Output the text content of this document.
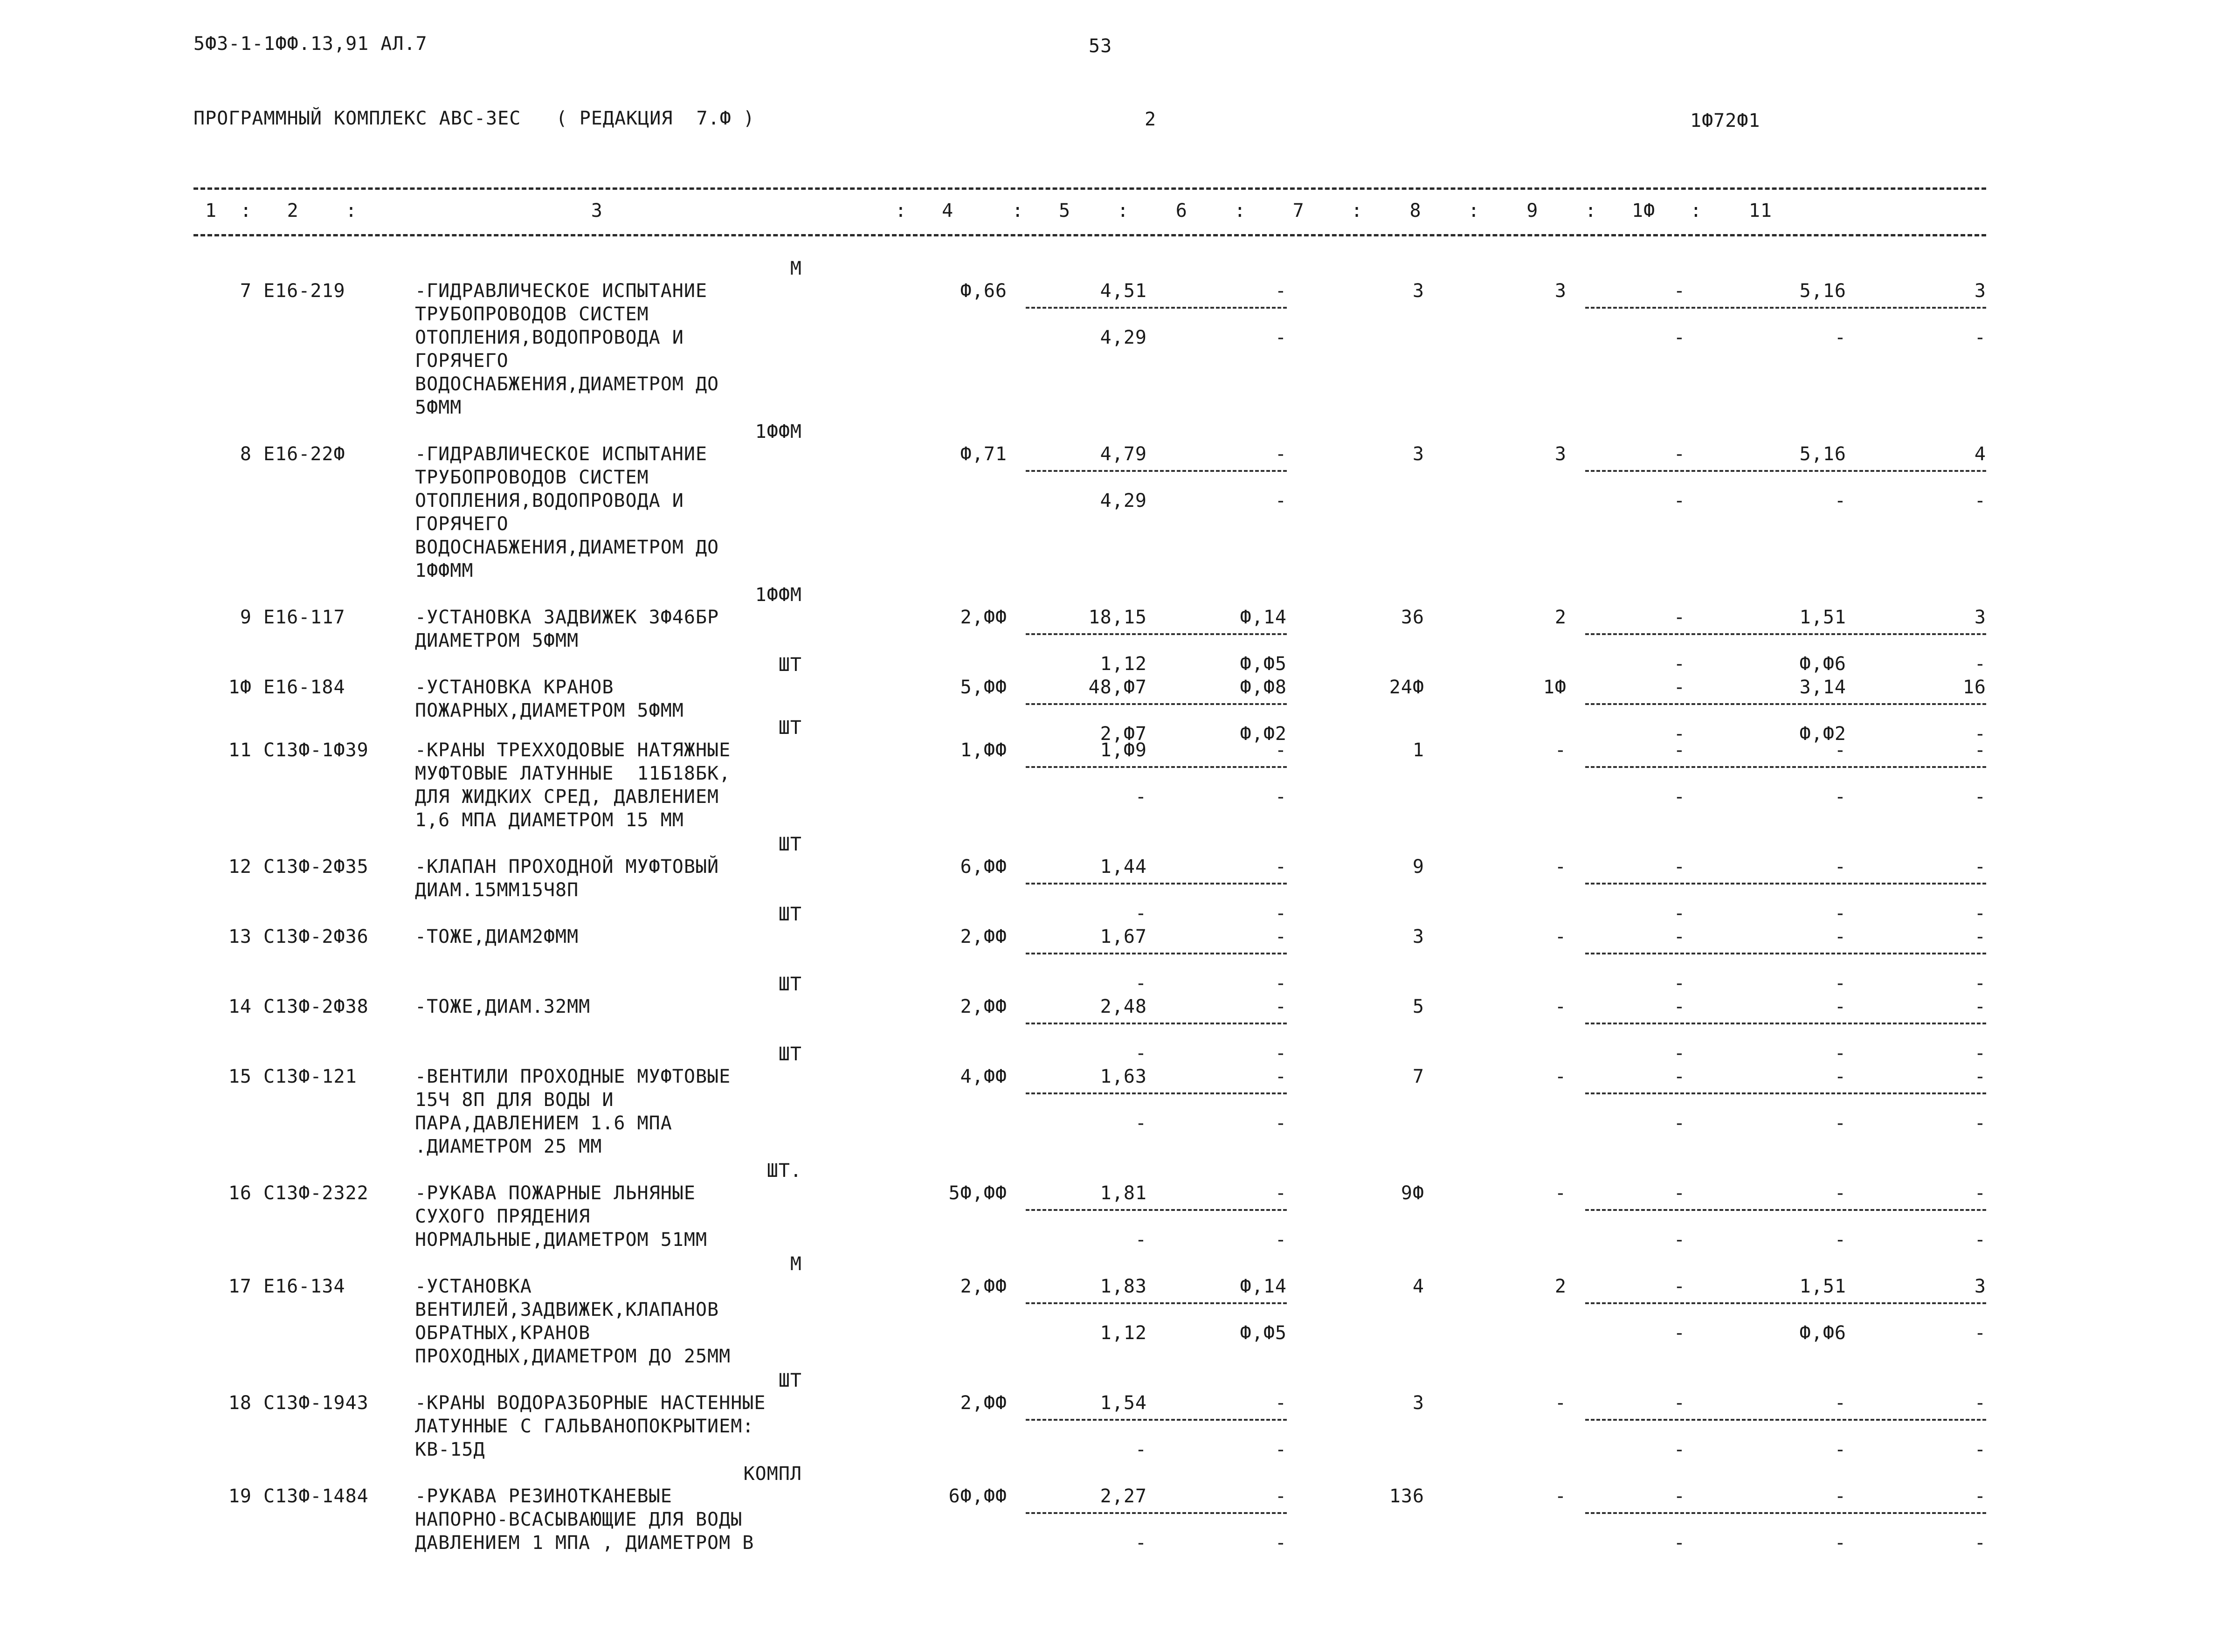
5Ф3-1-1ФФ.13,91 АЛ.7	53
ПРОГРАММНЫЙ КОМПЛЕКС АВС-3ЕС   ( РЕДАКЦИЯ  7.Ф )	2	1Ф72Ф1
1  :   2    :                    3                         :   4     :   5    :    6    :    7    :    8    :    9    :   1Ф   :    11
М
7 Е16-219	-ГИДРАВЛИЧЕСКОЕ ИСПЫТАНИЕ
ТРУБОПРОВОДОВ СИСТЕМ
ОТОПЛЕНИЯ,ВОДОПРОВОДА И
ГОРЯЧЕГО
ВОДОСНАБЖЕНИЯ,ДИАМЕТРОМ ДО
5ФММ
Ф,66	4,51	-	3	3	-	5,16	3
4,29	-	-	-	-
1ФФМ
8 Е16-22Ф	-ГИДРАВЛИЧЕСКОЕ ИСПЫТАНИЕ
ТРУБОПРОВОДОВ СИСТЕМ
ОТОПЛЕНИЯ,ВОДОПРОВОДА И
ГОРЯЧЕГО
ВОДОСНАБЖЕНИЯ,ДИАМЕТРОМ ДО
1ФФММ
Ф,71	4,79	-	3	3	-	5,16	4
4,29	-	-	-	-
1ФФМ
9 Е16-117	-УСТАНОВКА ЗАДВИЖЕК 3Ф46БР
ДИАМЕТРОМ 5ФММ
2,ФФ	18,15	Ф,14	36	2	-	1,51	3
1,12	Ф,Ф5	-	Ф,Ф6	-
ШТ
1Ф Е16-184	-УСТАНОВКА КРАНОВ
ПОЖАРНЫХ,ДИАМЕТРОМ 5ФММ
5,ФФ	48,Ф7	Ф,Ф8	24Ф	1Ф	-	3,14	16
2,Ф7	Ф,Ф2	-	Ф,Ф2	-
ШТ
11 С13Ф-1Ф39 -КРАНЫ ТРЕХХОДОВЫЕ НАТЯЖНЫЕ
МУФТОВЫЕ ЛАТУННЫЕ  11Б18БК,
ДЛЯ ЖИДКИХ СРЕД, ДАВЛЕНИЕМ
1,6 МПА ДИАМЕТРОМ 15 ММ
1,ФФ	1,Ф9	-	1	-	-	-	-
-	-	-	-	-
ШТ
12 С13Ф-2Ф35 -КЛАПАН ПРОХОДНОЙ МУФТОВЫЙ
ДИАМ.15ММ15Ч8П
6,ФФ	1,44	-	9	-	-	-	-
-	-	-	-	-
ШТ
13 С13Ф-2Ф36 -ТОЖЕ,ДИАМ2ФММ	2,ФФ	1,67	-	3	-	-	-	-
-	-	-	-	-
ШТ
14 С13Ф-2Ф38 -ТОЖЕ,ДИАМ.32ММ	2,ФФ	2,48	-	5	-	-	-	-
-	-	-	-	-
ШТ
15 С13Ф-121	-ВЕНТИЛИ ПРОХОДНЫЕ МУФТОВЫЕ
15Ч 8П ДЛЯ ВОДЫ И
ПАРА,ДАВЛЕНИЕМ 1.6 МПА
.ДИАМЕТРОМ 25 ММ
4,ФФ	1,63	-	7	-	-	-	-
-	-	-	-	-
ШТ.
16 С13Ф-2322 -РУКАВА ПОЖАРНЫЕ ЛЬНЯНЫЕ
СУХОГО ПРЯДЕНИЯ
НОРМАЛЬНЫЕ,ДИАМЕТРОМ 51ММ
5Ф,ФФ	1,81	-	9Ф	-	-	-	-
-	-	-	-	-
М
17 Е16-134	-УСТАНОВКА
ВЕНТИЛЕЙ,ЗАДВИЖЕК,КЛАПАНОВ
ОБРАТНЫХ,КРАНОВ
ПРОХОДНЫХ,ДИАМЕТРОМ ДО 25ММ
2,ФФ	1,83	Ф,14	4	2	-	1,51	3
1,12	Ф,Ф5	-	Ф,Ф6	-
ШТ
18 С13Ф-1943 -КРАНЫ ВОДОРАЗБОРНЫЕ НАСТЕННЫЕ
ЛАТУННЫЕ С ГАЛЬВАНОПОКРЫТИЕМ:
КВ-15Д
2,ФФ	1,54	-	3	-	-	-	-
-	-	-	-	-
КОМПЛ
19 С13Ф-1484 -РУКАВА РЕЗИНОТКАНЕВЫЕ
НАПОРНО-ВСАСЫВАЮЩИЕ ДЛЯ ВОДЫ
ДАВЛЕНИЕМ 1 МПА , ДИАМЕТРОМ В
6Ф,ФФ	2,27	-	136	-	-	-	-
-	-	-	-	-
